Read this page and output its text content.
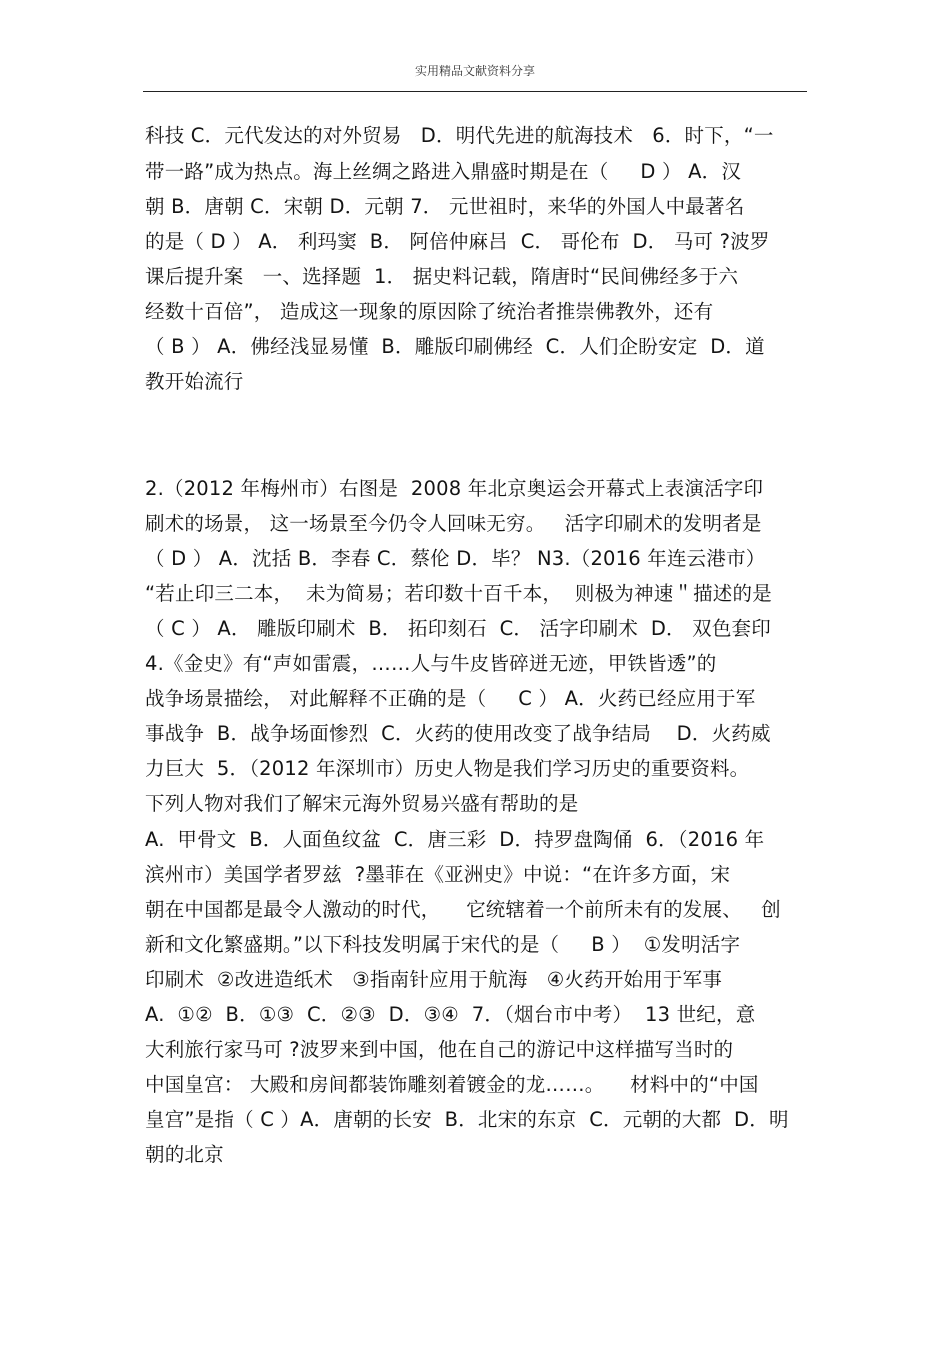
实用精品文献资料分享

科技 C．元代发达的对外贸易   D．明代先进的航海技术   6．时下，“一

带一路”成为热点。海上丝绸之路进入鼎盛时期是在（     D ） A．汉

朝 B．唐朝 C．宋朝 D．元朝 7． 元世祖时，来华的外国人中最著名

的是（ D ） A． 利玛窦  B． 阿倍仲麻吕  C． 哥伦布  D． 马可 ?波罗

课后提升案   一、选择题  1． 据史料记载，隋唐时“民间佛经多于六

经数十百倍”， 造成这一现象的原因除了统治者推崇佛教外，还有

（ B ） A．佛经浅显易懂  B．雕版印刷佛经  C．人们企盼安定  D．道

教开始流行

2.（2012 年梅州市）右图是  2008 年北京奥运会开幕式上表演活字印

刷术的场景， 这一场景至今仍令人回味无穷。   活字印刷术的发明者是

（ D ） A．沈括 B．李春 C．蔡伦 D．毕？ N3.（2016 年连云港市）

“若止印三二本，  未为简易；若印数十百千本，  则极为神速＂描述的是

（ C ） A． 雕版印刷术  B． 拓印刻石  C． 活字印刷术  D． 双色套印

4.《金史》有“声如雷震，……人与牛皮皆碎迸无迹，甲铁皆透”的

战争场景描绘， 对此解释不正确的是（     C ） A．火药已经应用于军

事战争  B．战争场面惨烈  C．火药的使用改变了战争结局    D．火药威

力巨大  5．（2012 年深圳市）历史人物是我们学习历史的重要资料。

下列人物对我们了解宋元海外贸易兴盛有帮助的是

A.  甲骨文  B．人面鱼纹盆  C．唐三彩  D．持罗盘陶俑  6．（2016 年

滨州市）美国学者罗兹  ?墨菲在《亚洲史》中说：“在许多方面，宋

朝在中国都是最令人激动的时代，    它统辖着一个前所未有的发展、   创

新和文化繁盛期。”以下科技发明属于宋代的是（     B ）  ①发明活字

印刷术  ②改进造纸术   ③指南针应用于航海   ④火药开始用于军事

A.  ①②  B．①③  C．②③  D．③④  7．（烟台市中考）  13 世纪，意

大利旅行家马可 ?波罗来到中国，他在自己的游记中这样描写当时的

中国皇宫： 大殿和房间都装饰雕刻着镀金的龙……。    材料中的“中国

皇宫”是指（ C ）A．唐朝的长安  B．北宋的东京  C．元朝的大都  D．明

朝的北京
